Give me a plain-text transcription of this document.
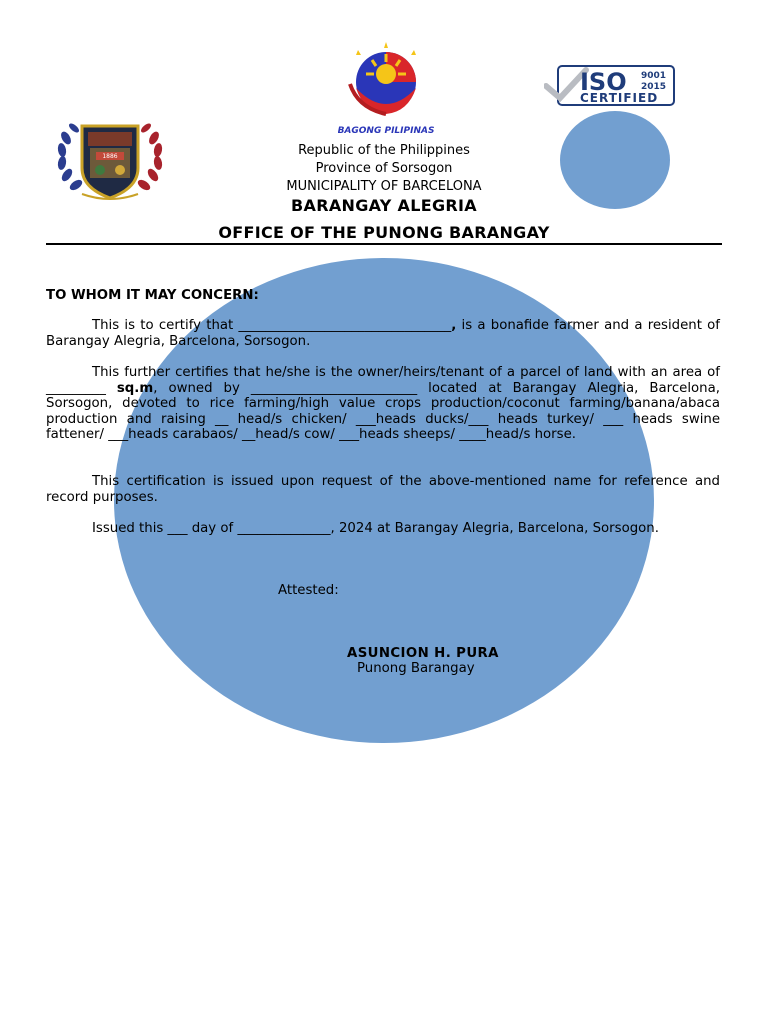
1886
BAGONG PILIPINAS
ISO 9001
2015
CERTIFIED
Republic of the Philippines
Province of Sorsogon
MUNICIPALITY OF BARCELONA
BARANGAY ALEGRIA
OFFICE OF THE PUNONG BARANGAY
TO WHOM IT MAY CONCERN:
This is to certify that ________________________________, is a bonafide farmer and a resident of Barangay Alegria, Barcelona, Sorsogon.
This further certifies that he/she is the owner/heirs/tenant of a parcel of land with an area of _________ sq.m, owned by _________________________ located at Barangay Alegria, Barcelona, Sorsogon, devoted to rice farming/high value crops production/coconut farming/banana/abaca production and raising __ head/s chicken/ ___heads ducks/___ heads turkey/ ___ heads swine fattener/ ___heads carabaos/ __head/s cow/ ___heads sheeps/ ____head/s horse.
This certification is issued upon request of the above-mentioned name for reference and record purposes.
Issued this ___ day of ______________, 2024 at Barangay Alegria, Barcelona, Sorsogon.
Attested:
ASUNCION H. PURA
Punong Barangay
